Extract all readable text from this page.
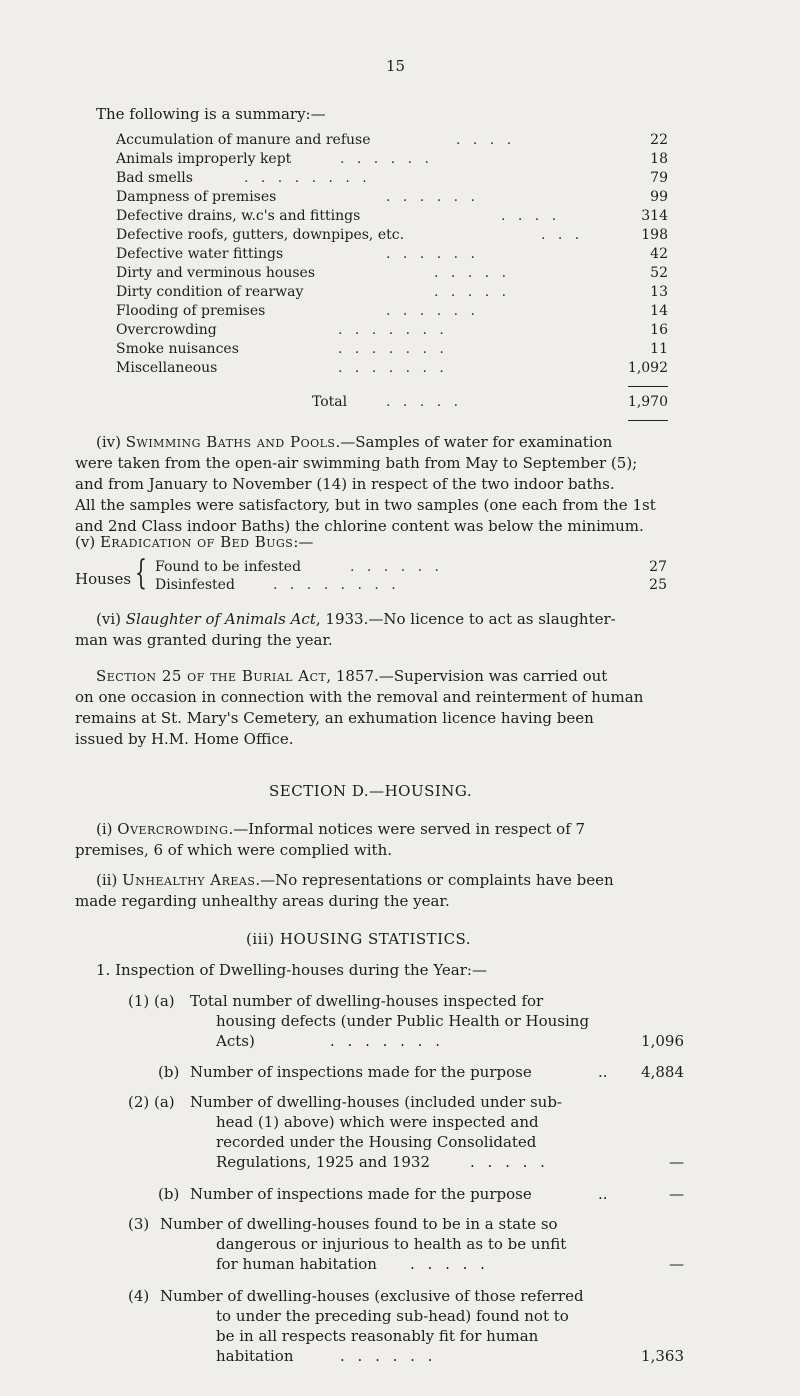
15
The following is a summary:—
Accumulation of manure and refuse	. . . .	22
Animals improperly kept	. . . . . .	18
Bad smells	. . . . . . . .	79
Dampness of premises	. . . . . .	99
Defective drains, w.c's and fittings	. . . .	314
Defective roofs, gutters, downpipes, etc.	. . .	198
Defective water fittings	. . . . . .	42
Dirty and verminous houses	. . . . .	52
Dirty condition of rearway	. . . . .	13
Flooding of premises	. . . . . .	14
Overcrowding	. . . . . . .	16
Smoke nuisances	. . . . . . .	11
Miscellaneous	. . . . . . .	1,092
Total	. . . . .	1,970
(iv) Swimming Baths and Pools.—Samples of water for examination
were taken from the open-air swimming bath from May to September (5);
and from January to November (14) in respect of the two indoor baths.
All the samples were satisfactory, but in two samples (one each from the 1st
and 2nd Class indoor Baths) the chlorine content was below the minimum.
(v) Eradication of Bed Bugs:—
Houses { Found to be infested	. . . . . .	27
Disinfested	. . . . . . . .	25
(vi) Slaughter of Animals Act, 1933.—No licence to act as slaughter-
man was granted during the year.
Section 25 of the Burial Act, 1857.—Supervision was carried out
on one occasion in connection with the removal and reinterment of human
remains at St. Mary's Cemetery, an exhumation licence having been
issued by H.M. Home Office.
SECTION D.—HOUSING.
(i) Overcrowding.—Informal notices were served in respect of 7
premises, 6 of which were complied with.
(ii) Unhealthy Areas.—No representations or complaints have been
made regarding unhealthy areas during the year.
(iii) HOUSING STATISTICS.
1. Inspection of Dwelling-houses during the Year:—
(1) (a) Total number of dwelling-houses inspected for
housing defects (under Public Health or Housing
Acts)	. . . . . . .	1,096
(b) Number of inspections made for the purpose	.. 4,884
(2) (a) Number of dwelling-houses (included under sub-
head (1) above) which were inspected and
recorded under the Housing Consolidated
Regulations, 1925 and 1932	. . . . .	—
(b) Number of inspections made for the purpose	..	—
(3) Number of dwelling-houses found to be in a state so
dangerous or injurious to health as to be unfit
for human habitation . . . . .	—
(4) Number of dwelling-houses (exclusive of those referred
to under the preceding sub-head) found not to
be in all respects reasonably fit for human
habitation	. . . . . .	1,363
